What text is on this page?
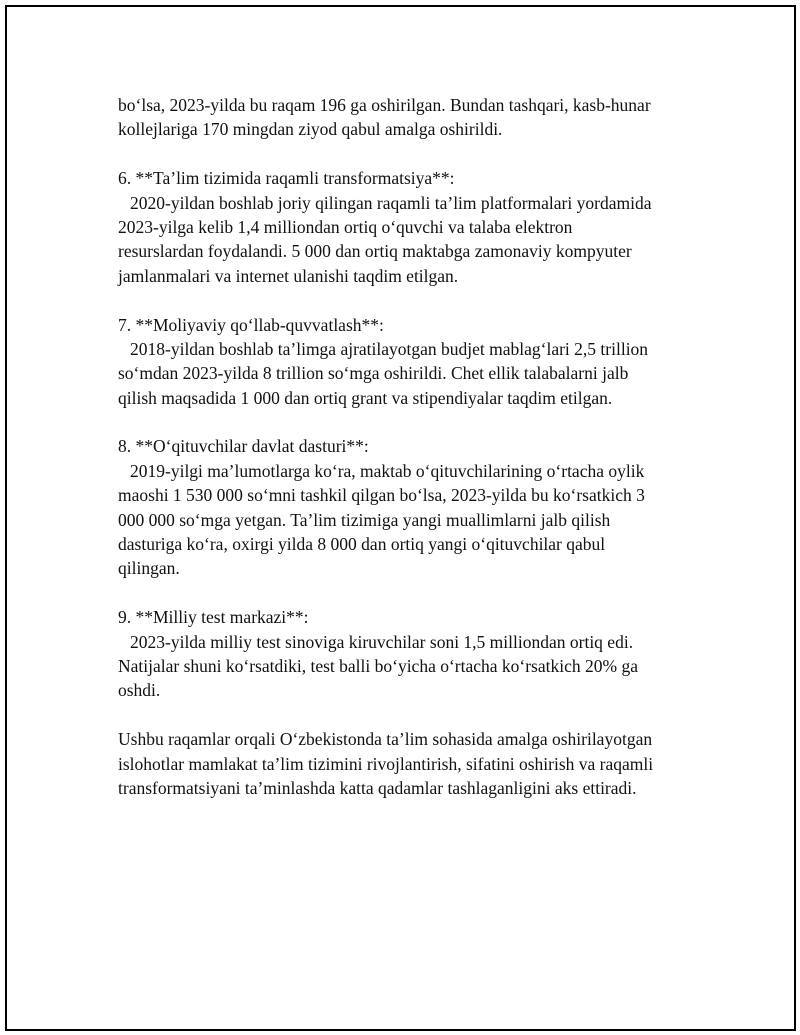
bo‘lsa, 2023-yilda bu raqam 196 ga oshirilgan. Bundan tashqari, kasb-hunar
kollejlariga 170 mingdan ziyod qabul amalga oshirildi.
6. **Ta’lim tizimida raqamli transformatsiya**:
2020-yildan boshlab joriy qilingan raqamli ta’lim platformalari yordamida
2023-yilga kelib 1,4 milliondan ortiq o‘quvchi va talaba elektron
resurslardan foydalandi. 5 000 dan ortiq maktabga zamonaviy kompyuter
jamlanmalari va internet ulanishi taqdim etilgan.
7. **Moliyaviy qo‘llab-quvvatlash**:
2018-yildan boshlab ta’limga ajratilayotgan budjet mablag‘lari 2,5 trillion
so‘mdan 2023-yilda 8 trillion so‘mga oshirildi. Chet ellik talabalarni jalb
qilish maqsadida 1 000 dan ortiq grant va stipendiyalar taqdim etilgan.
8. **O‘qituvchilar davlat dasturi**:
2019-yilgi ma’lumotlarga ko‘ra, maktab o‘qituvchilarining o‘rtacha oylik
maoshi 1 530 000 so‘mni tashkil qilgan bo‘lsa, 2023-yilda bu ko‘rsatkich 3
000 000 so‘mga yetgan. Ta’lim tizimiga yangi muallimlarni jalb qilish
dasturiga ko‘ra, oxirgi yilda 8 000 dan ortiq yangi o‘qituvchilar qabul
qilingan.
9. **Milliy test markazi**:
2023-yilda milliy test sinoviga kiruvchilar soni 1,5 milliondan ortiq edi.
Natijalar shuni ko‘rsatdiki, test balli bo‘yicha o‘rtacha ko‘rsatkich 20% ga
oshdi.
Ushbu raqamlar orqali O‘zbekistonda ta’lim sohasida amalga oshirilayotgan
islohotlar mamlakat ta’lim tizimini rivojlantirish, sifatini oshirish va raqamli
transformatsiyani ta’minlashda katta qadamlar tashlaganligini aks ettiradi.
